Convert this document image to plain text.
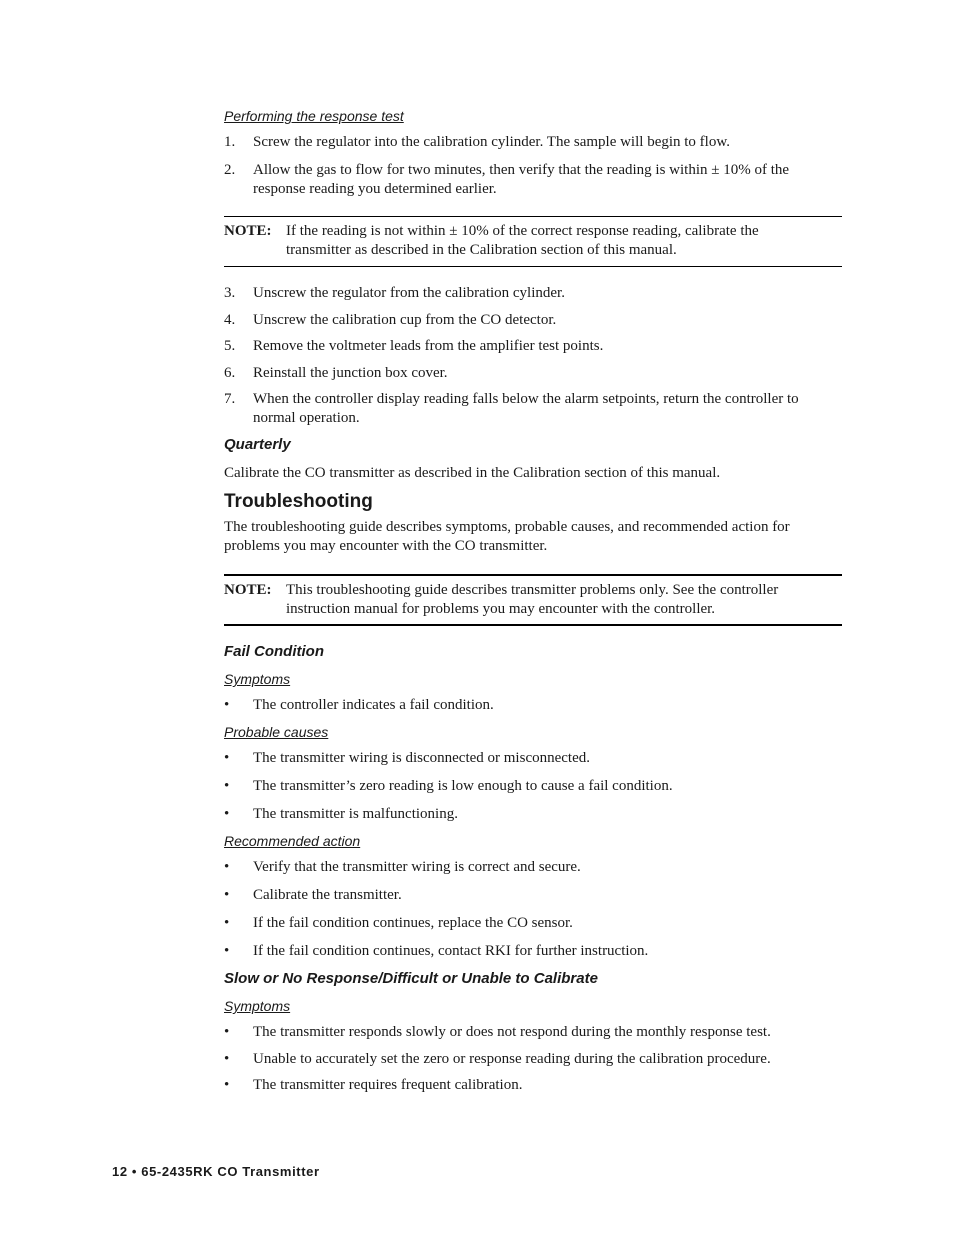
Performing the response test
1.	Screw the regulator into the calibration cylinder. The sample will begin to flow.
2.	Allow the gas to flow for two minutes, then verify that the reading is within ± 10% of the response reading you determined earlier.
NOTE: If the reading is not within ± 10% of the correct response reading, calibrate the transmitter as described in the Calibration section of this manual.
3.	Unscrew the regulator from the calibration cylinder.
4.	Unscrew the calibration cup from the CO detector.
5.	Remove the voltmeter leads from the amplifier test points.
6.	Reinstall the junction box cover.
7.	When the controller display reading falls below the alarm setpoints, return the controller to normal operation.
Quarterly
Calibrate the CO transmitter as described in the Calibration section of this manual.
Troubleshooting
The troubleshooting guide describes symptoms, probable causes, and recommended action for problems you may encounter with the CO transmitter.
NOTE: This troubleshooting guide describes transmitter problems only. See the controller instruction manual for problems you may encounter with the controller.
Fail Condition
Symptoms
•	The controller indicates a fail condition.
Probable causes
•	The transmitter wiring is disconnected or misconnected.
•	The transmitter’s zero reading is low enough to cause a fail condition.
•	The transmitter is malfunctioning.
Recommended action
•	Verify that the transmitter wiring is correct and secure.
•	Calibrate the transmitter.
•	If the fail condition continues, replace the CO sensor.
•	If the fail condition continues, contact RKI for further instruction.
Slow or No Response/Difficult or Unable to Calibrate
Symptoms
•	The transmitter responds slowly or does not respond during the monthly response test.
•	Unable to accurately set the zero or response reading during the calibration procedure.
•	The transmitter requires frequent calibration.
12 • 65-2435RK CO Transmitter
